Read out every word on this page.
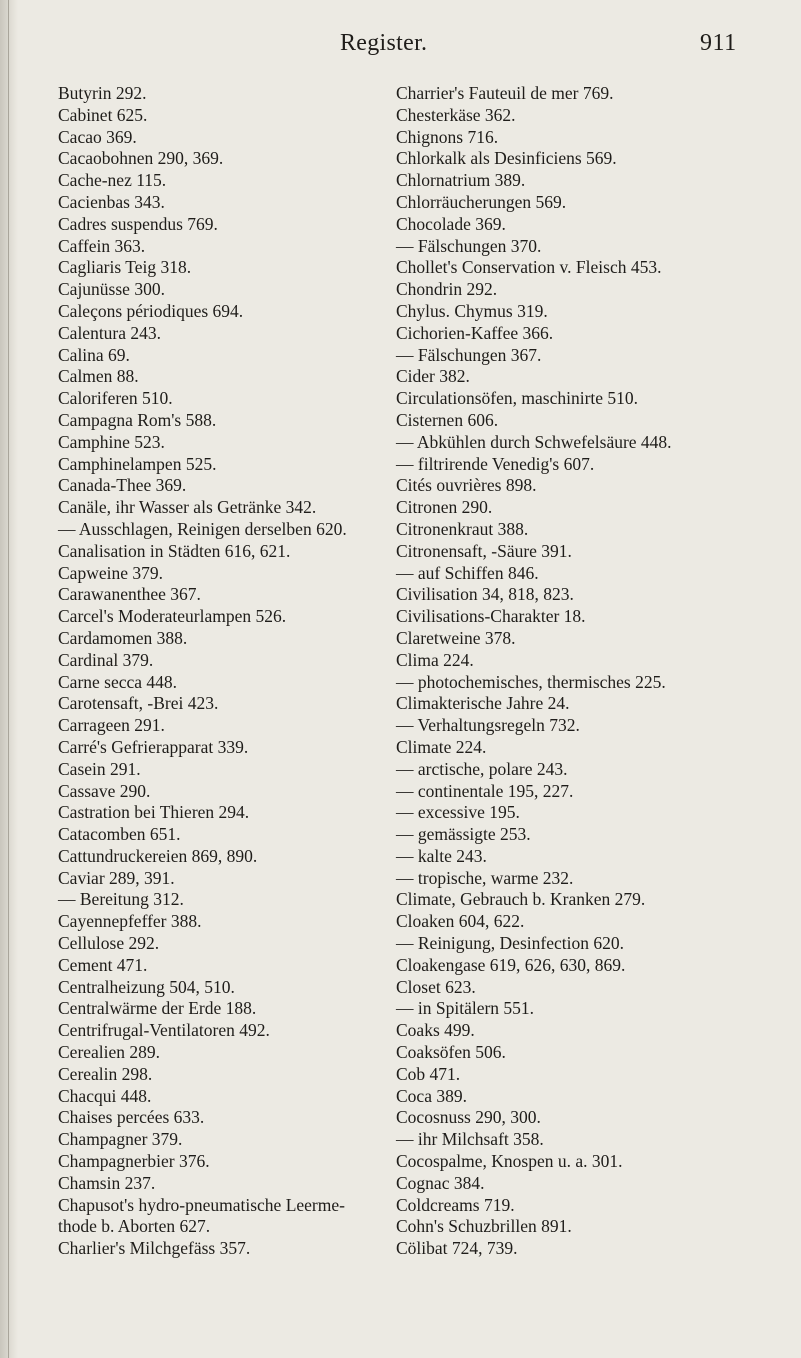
Register.	911
Butyrin 292.
Cabinet 625.
Cacao 369.
Cacaobohnen 290, 369.
Cache-nez 115.
Cacienbas 343.
Cadres suspendus 769.
Caffein 363.
Cagliaris Teig 318.
Cajunüsse 300.
Caleçons périodiques 694.
Calentura 243.
Calina 69.
Calmen 88.
Caloriferen 510.
Campagna Rom's 588.
Camphine 523.
Camphinelampen 525.
Canada-Thee 369.
Canäle, ihr Wasser als Getränke 342.
— Ausschlagen, Reinigen derselben 620.
Canalisation in Städten 616, 621.
Capweine 379.
Carawanenthee 367.
Carcel's Moderateurlampen 526.
Cardamomen 388.
Cardinal 379.
Carne secca 448.
Carotensaft, -Brei 423.
Carrageen 291.
Carré's Gefrierapparat 339.
Casein 291.
Cassave 290.
Castration bei Thieren 294.
Catacomben 651.
Cattundruckereien 869, 890.
Caviar 289, 391.
— Bereitung 312.
Cayennepfeffer 388.
Cellulose 292.
Cement 471.
Centralheizung 504, 510.
Centralwärme der Erde 188.
Centrifrugal-Ventilatoren 492.
Cerealien 289.
Cerealin 298.
Chacqui 448.
Chaises percées 633.
Champagner 379.
Champagnerbier 376.
Chamsin 237.
Chapusot's hydro-pneumatische Leerme-
thode b. Aborten 627.
Charlier's Milchgefäss 357.
Charrier's Fauteuil de mer 769.
Chesterkäse 362.
Chignons 716.
Chlorkalk als Desinficiens 569.
Chlornatrium 389.
Chlorräucherungen 569.
Chocolade 369.
— Fälschungen 370.
Chollet's Conservation v. Fleisch 453.
Chondrin 292.
Chylus. Chymus 319.
Cichorien-Kaffee 366.
— Fälschungen 367.
Cider 382.
Circulationsöfen, maschinirte 510.
Cisternen 606.
— Abkühlen durch Schwefelsäure 448.
— filtrirende Venedig's 607.
Cités ouvrières 898.
Citronen 290.
Citronenkraut 388.
Citronensaft, -Säure 391.
— auf Schiffen 846.
Civilisation 34, 818, 823.
Civilisations-Charakter 18.
Claretweine 378.
Clima 224.
— photochemisches, thermisches 225.
Climakterische Jahre 24.
— Verhaltungsregeln 732.
Climate 224.
— arctische, polare 243.
— continentale 195, 227.
— excessive 195.
— gemässigte 253.
— kalte 243.
— tropische, warme 232.
Climate, Gebrauch b. Kranken 279.
Cloaken 604, 622.
— Reinigung, Desinfection 620.
Cloakengase 619, 626, 630, 869.
Closet 623.
— in Spitälern 551.
Coaks 499.
Coaksöfen 506.
Cob 471.
Coca 389.
Cocosnuss 290, 300.
— ihr Milchsaft 358.
Cocospalme, Knospen u. a. 301.
Cognac 384.
Coldcreams 719.
Cohn's Schuzbrillen 891.
Cölibat 724, 739.
